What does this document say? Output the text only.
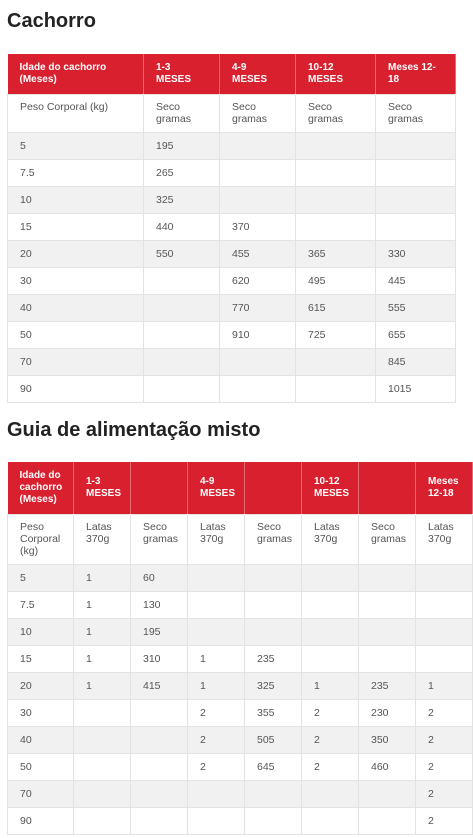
Cachorro
Idade do cachorro (Meses)	1-3 MESES	4-9 MESES	10-12 MESES	Meses 12-18
Peso Corporal (kg)	Seco gramas	Seco gramas	Seco gramas	Seco gramas
5	195			
7.5	265			
10	325			
15	440	370		
20	550	455	365	330
30		620	495	445
40		770	615	555
50		910	725	655
70				845
90				1015
Guia de alimentação misto
Idade do cachorro (Meses)	1-3 MESES		4-9 MESES		10-12 MESES		Meses 12-18
Peso Corporal (kg)	Latas 370g	Seco gramas	Latas 370g	Seco gramas	Latas 370g	Seco gramas	Latas 370g
5	1	60					
7.5	1	130					
10	1	195					
15	1	310	1	235			
20	1	415	1	325	1	235	1
30			2	355	2	230	2
40			2	505	2	350	2
50			2	645	2	460	2
70							2
90							2
